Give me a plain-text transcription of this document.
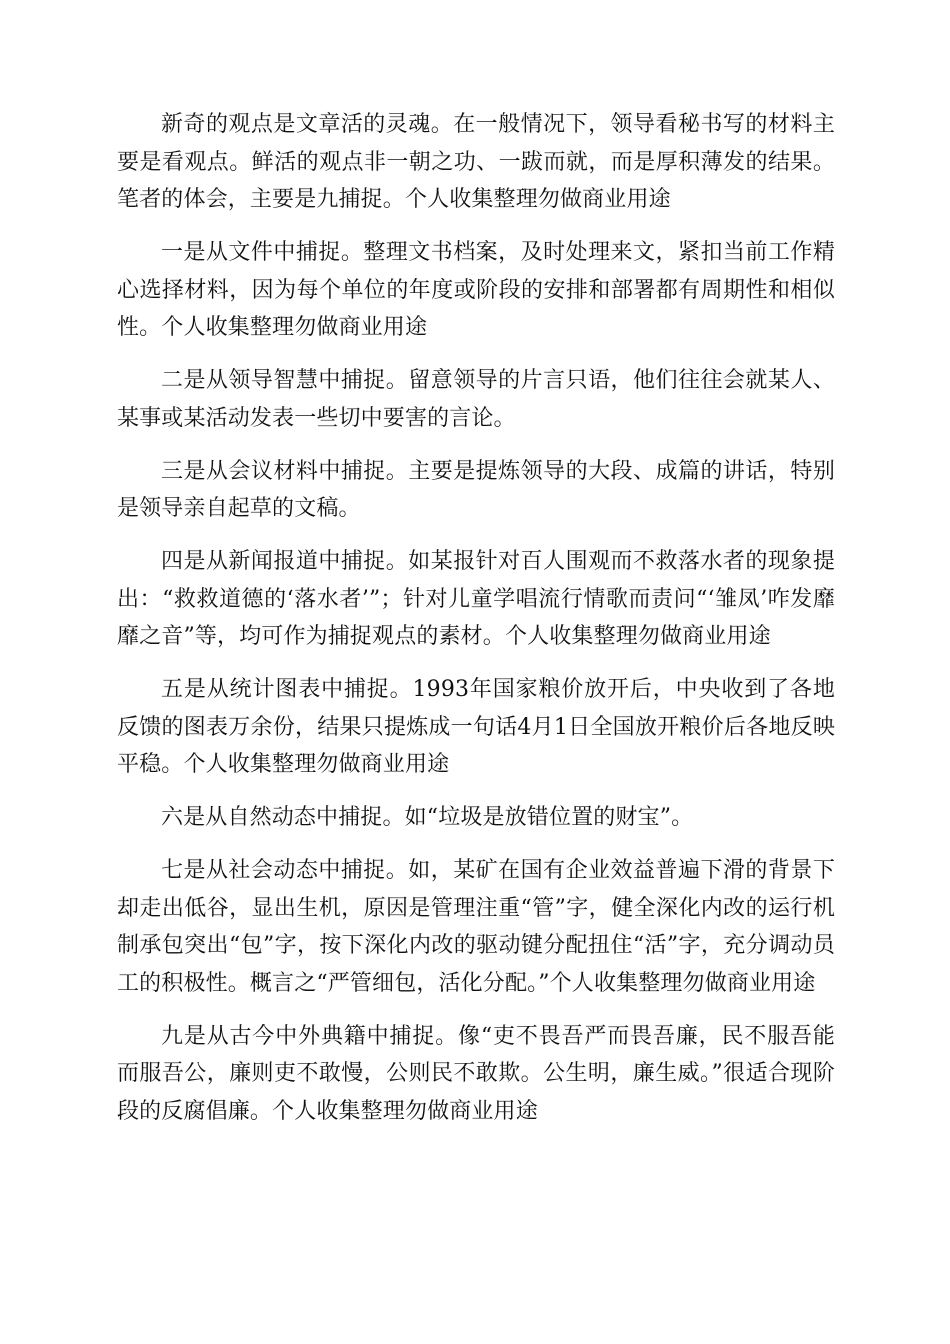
新奇的观点是文章活的灵魂。在一般情况下，领导看秘书写的材料主要是看观点。鲜活的观点非一朝之功、一跋而就，而是厚积薄发的结果。笔者的体会，主要是九捕捉。个人收集整理勿做商业用途

一是从文件中捕捉。整理文书档案，及时处理来文，紧扣当前工作精心选择材料，因为每个单位的年度或阶段的安排和部署都有周期性和相似性。个人收集整理勿做商业用途

二是从领导智慧中捕捉。留意领导的片言只语，他们往往会就某人、某事或某活动发表一些切中要害的言论。

三是从会议材料中捕捉。主要是提炼领导的大段、成篇的讲话，特别是领导亲自起草的文稿。

四是从新闻报道中捕捉。如某报针对百人围观而不救落水者的现象提出：“救救道德的‘落水者’”；针对儿童学唱流行情歌而责问“‘雏凤’咋发靡靡之音”等，均可作为捕捉观点的素材。个人收集整理勿做商业用途

五是从统计图表中捕捉。1993年国家粮价放开后，中央收到了各地反馈的图表万余份，结果只提炼成一句话4月1日全国放开粮价后各地反映平稳。个人收集整理勿做商业用途

六是从自然动态中捕捉。如“垃圾是放错位置的财宝”。

七是从社会动态中捕捉。如，某矿在国有企业效益普遍下滑的背景下却走出低谷，显出生机，原因是管理注重“管”字，健全深化内改的运行机制承包突出“包”字，按下深化内改的驱动键分配扭住“活”字，充分调动员工的积极性。概言之“严管细包，活化分配。”个人收集整理勿做商业用途

九是从古今中外典籍中捕捉。像“吏不畏吾严而畏吾廉，民不服吾能而服吾公，廉则吏不敢慢，公则民不敢欺。公生明，廉生威。”很适合现阶段的反腐倡廉。个人收集整理勿做商业用途
